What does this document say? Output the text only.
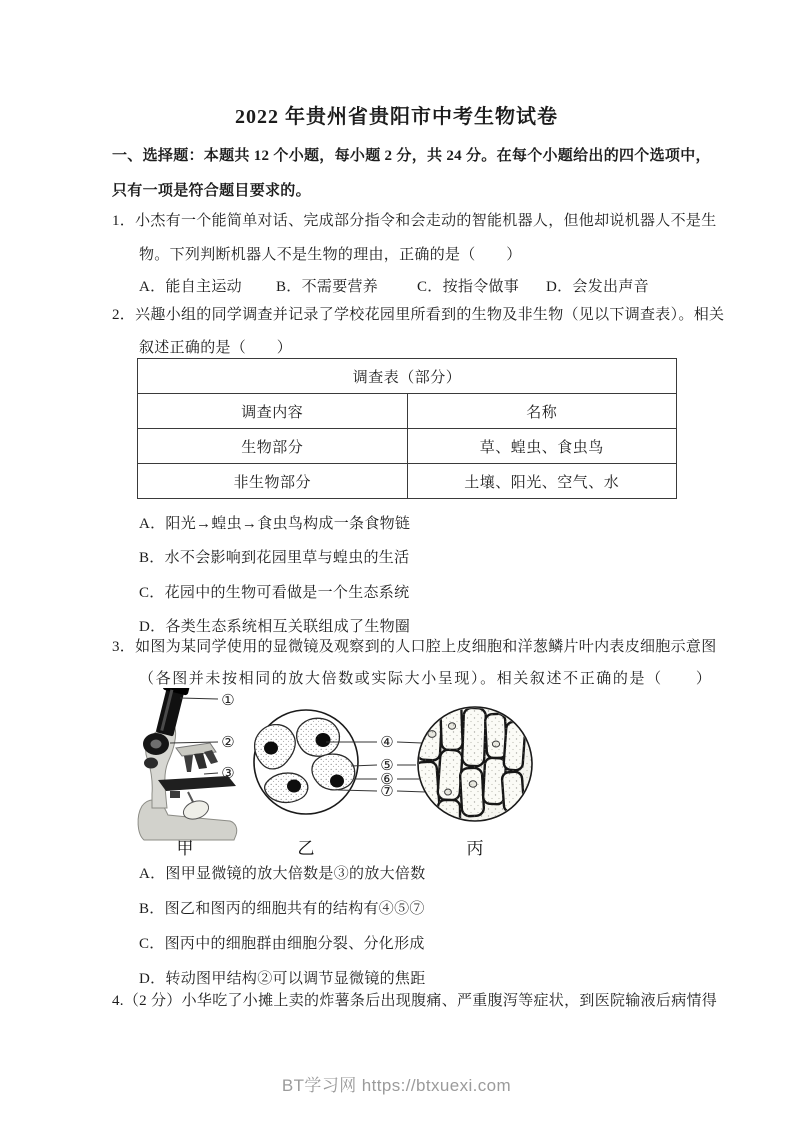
2022 年贵州省贵阳市中考生物试卷
一、选择题：本题共 12 个小题，每小题 2 分，共 24 分。在每个小题给出的四个选项中，
只有一项是符合题目要求的。
1．小杰有一个能简单对话、完成部分指令和会走动的智能机器人，但他却说机器人不是生
物。下列判断机器人不是生物的理由，正确的是（　　）
A．能自主运动 B．不需要营养	C．按指令做事 D．会发出声音
2．兴趣小组的同学调查并记录了学校花园里所看到的生物及非生物（见以下调查表）。相关
叙述正确的是（　　）
调查表（部分）	
调查内容	名称
生物部分	草、蝗虫、食虫鸟
非生物部分	土壤、阳光、空气、水
A．阳光→蝗虫→食虫鸟构成一条食物链
B．水不会影响到花园里草与蝗虫的生活
C．花园中的生物可看做是一个生态系统
D．各类生态系统相互关联组成了生物圈
3．如图为某同学使用的显微镜及观察到的人口腔上皮细胞和洋葱鳞片叶内表皮细胞示意图
（各图并未按相同的放大倍数或实际大小呈现）。相关叙述不正确的是（　　）
①
②
③
④
⑤
⑥
⑦
甲	乙	丙
A．图甲显微镜的放大倍数是③的放大倍数
B．图乙和图丙的细胞共有的结构有④⑤⑦
C．图丙中的细胞群由细胞分裂、分化形成
D．转动图甲结构②可以调节显微镜的焦距
4.（2 分）小华吃了小摊上卖的炸薯条后出现腹痛、严重腹泻等症状，到医院输液后病情得
BT学习网 https://btxuexi.com
